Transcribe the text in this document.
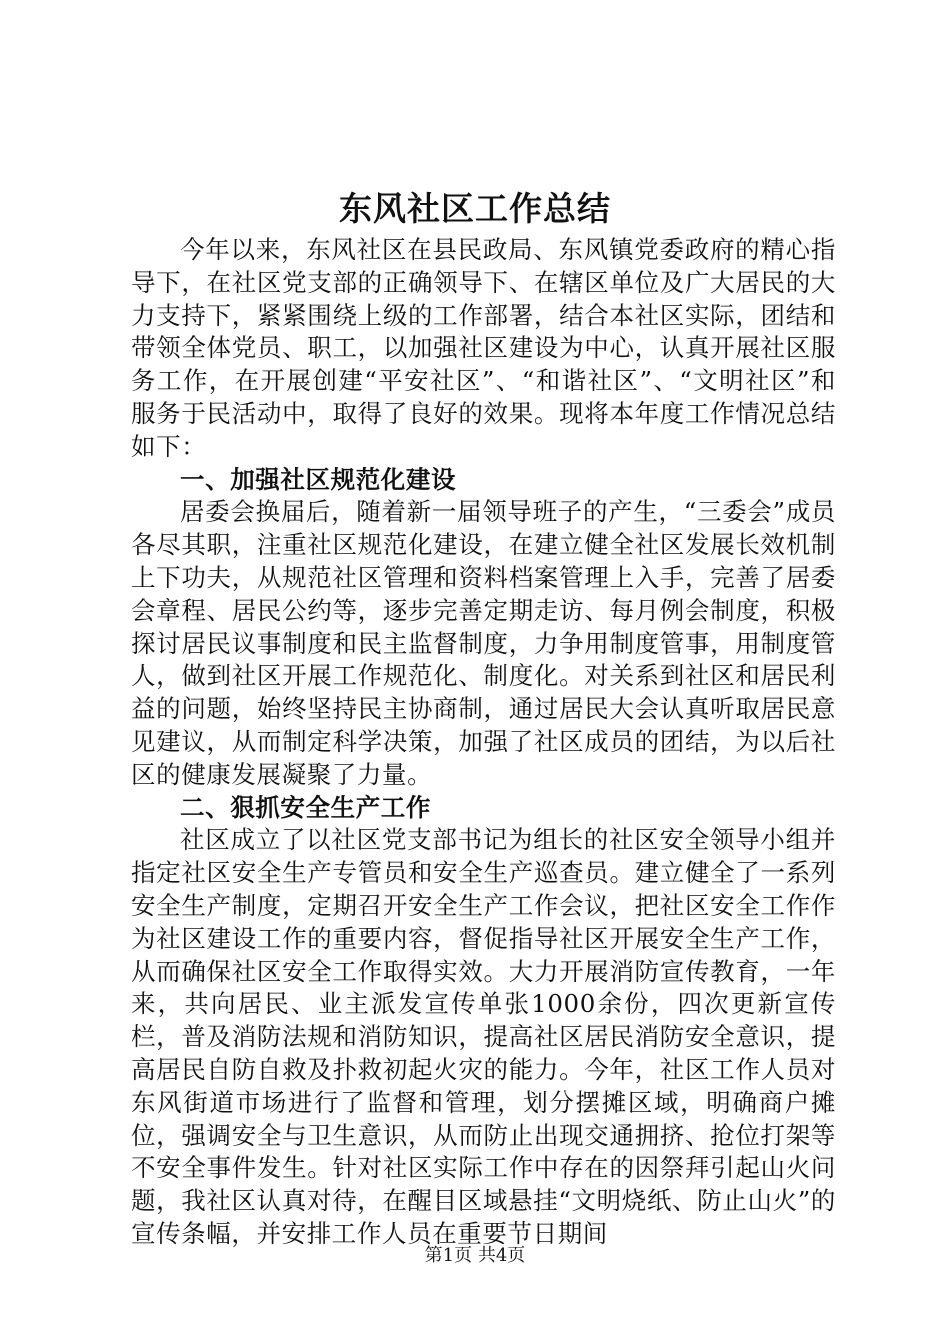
东风社区工作总结

今年以来，东风社区在县民政局、东风镇党委政府的精心指导下，在社区党支部的正确领导下、在辖区单位及广大居民的大力支持下，紧紧围绕上级的工作部署，结合本社区实际，团结和带领全体党员、职工，以加强社区建设为中心，认真开展社区服务工作，在开展创建“平安社区”、“和谐社区”、“文明社区”和服务于民活动中，取得了良好的效果。现将本年度工作情况总结如下：

一、加强社区规范化建设

居委会换届后，随着新一届领导班子的产生，“三委会”成员各尽其职，注重社区规范化建设，在建立健全社区发展长效机制上下功夫，从规范社区管理和资料档案管理上入手，完善了居委会章程、居民公约等，逐步完善定期走访、每月例会制度，积极探讨居民议事制度和民主监督制度，力争用制度管事，用制度管人，做到社区开展工作规范化、制度化。对关系到社区和居民利益的问题，始终坚持民主协商制，通过居民大会认真听取居民意见建议，从而制定科学决策，加强了社区成员的团结，为以后社区的健康发展凝聚了力量。

二、狠抓安全生产工作

社区成立了以社区党支部书记为组长的社区安全领导小组并指定社区安全生产专管员和安全生产巡查员。建立健全了一系列安全生产制度，定期召开安全生产工作会议，把社区安全工作作为社区建设工作的重要内容，督促指导社区开展安全生产工作，从而确保社区安全工作取得实效。大力开展消防宣传教育，一年来，共向居民、业主派发宣传单张1000余份，四次更新宣传栏，普及消防法规和消防知识，提高社区居民消防安全意识，提高居民自防自救及扑救初起火灾的能力。今年，社区工作人员对东风街道市场进行了监督和管理，划分摆摊区域，明确商户摊位，强调安全与卫生意识，从而防止出现交通拥挤、抢位打架等不安全事件发生。针对社区实际工作中存在的因祭拜引起山火问题，我社区认真对待，在醒目区域悬挂“文明烧纸、防止山火”的宣传条幅，并安排工作人员在重要节日期间

第1页 共4页
